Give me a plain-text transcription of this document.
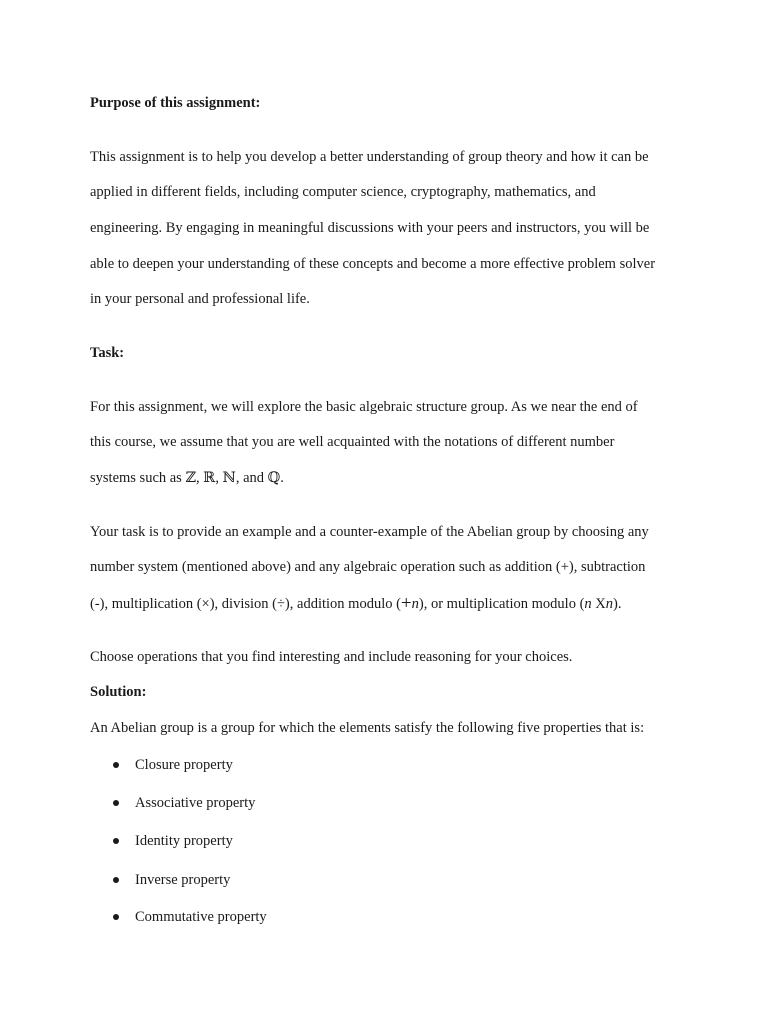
Purpose of this assignment:
This assignment is to help you develop a better understanding of group theory and how it can be
applied in different fields, including computer science, cryptography, mathematics, and
engineering. By engaging in meaningful discussions with your peers and instructors, you will be
able to deepen your understanding of these concepts and become a more effective problem solver
in your personal and professional life.
Task:
For this assignment, we will explore the basic algebraic structure group. As we near the end of
this course, we assume that you are well acquainted with the notations of different number
systems such as ℤ, ℝ, ℕ, and ℚ.
Your task is to provide an example and a counter-example of the Abelian group by choosing any
number system (mentioned above) and any algebraic operation such as addition (+), subtraction
(-), multiplication (×), division (÷), addition modulo (+n), or multiplication modulo (n Xn).
Choose operations that you find interesting and include reasoning for your choices.
Solution:
An Abelian group is a group for which the elements satisfy the following five properties that is:
Closure property
Associative property
Identity property
Inverse property
Commutative property
